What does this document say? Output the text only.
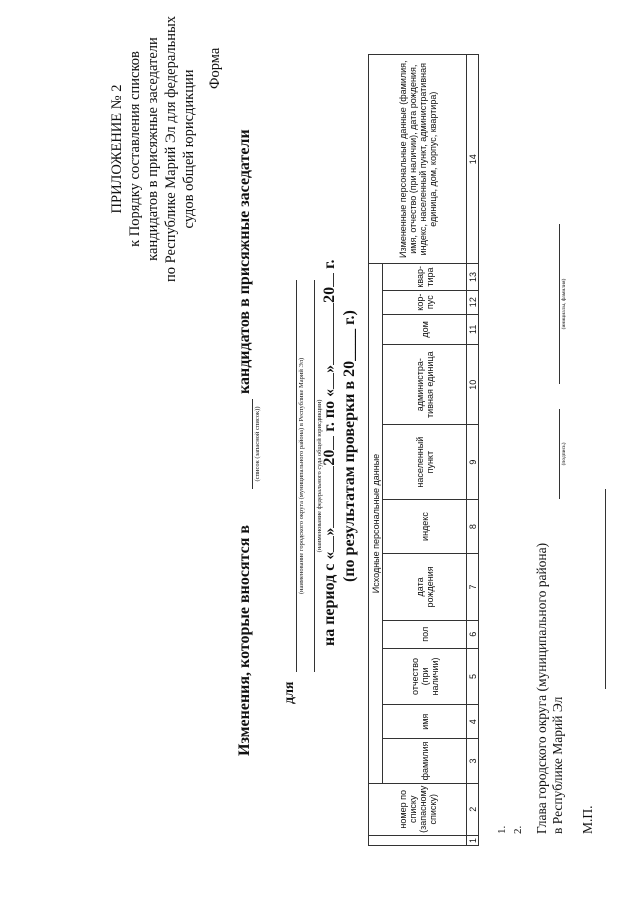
ПРИЛОЖЕНИЕ № 2 к Порядку составления списков кандидатов в присяжные заседатели по Республике Марий Эл для федеральных судов общей юрисдикции
Форма
Изменения, которые вносятся в
кандидатов в присяжные заседатели
(список (запасной список))
для
(наименование городского округа (муниципального района) в Республике Марий Эл) (наименование федерального суда общей юрисдикции)
на период с «»20 г. по «»20 г.
(по результатам проверки в 20____ г.)
	номер по списку (запасному списку)	Исходные персональные данные											Измененные персональные данные (фамилия, имя, отчество (при наличии), дата рождения, индекс, населенный пункт, административная единица, дом, корпус, квартира)
		фамилия	имя	отчество (при наличии)	пол	дата рождения	индекс	населенный пункт	администра-тивная единица	дом	кор-пус	квар-тира	
1	2	3	4	5	6	7	8	9	10	11	12	13	14
1. 2. Глава городского округа (муниципального района) в Республике Марий Эл М.П.
(подпись)
(инициалы, фамилия)
